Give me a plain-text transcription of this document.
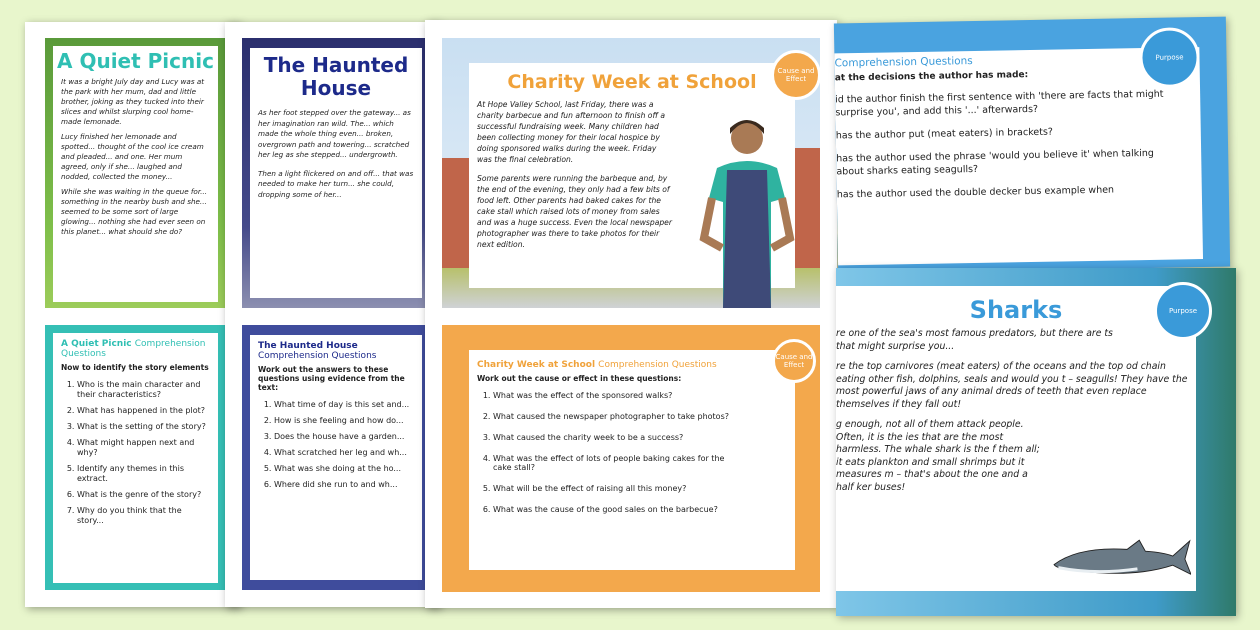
A Quiet Picnic

It was a bright July day and Lucy was at the park with her mum, dad and little brother, joking as they tucked into their slices and whilst slurping cool home-made lemonade.

Lucy finished her lemonade and spotted... thought of the cool ice cream and pleaded... and one. Her mum agreed, only if she... laughed and nodded, collected the money...

While she was waiting in the queue for... something in the nearby bush and she... seemed to be some sort of large glowing... nothing she had ever seen on this planet... what should she do?

A Quiet Picnic Comprehension Questions
Now to identify the story elements
1. Who is the main character and their characteristics?
2. What has happened in the plot?
3. What is the setting of the story?
4. What might happen next and why?
5. Identify any themes in this extract.
6. What is the genre of the story?
7. Why do you think that the story...
The Haunted House

As her foot stepped over the gateway... as her imagination ran wild. The... which made the whole thing even... broken, overgrown path and towering... scratched her leg as she stepped... undergrowth.

Then a light flickered on and off... that was needed to make her turn... she could, dropping some of her...

The Haunted House Comprehension Questions
Work out the answers to these questions using evidence from the text:
1. What time of day is this set and...
2. How is she feeling and how do...
3. Does the house have a garden...
4. What scratched her leg and wh...
5. What was she doing at the ho...
6. Where did she run to and wh...
Charity Week at School

At Hope Valley School, last Friday, there was a charity barbecue and fun afternoon to finish off a successful fundraising week. Many children had been collecting money for their local hospice by doing sponsored walks during the week. Friday was the final celebration.

Some parents were running the barbeque and, by the end of the evening, they only had a few bits of food left. Other parents had baked cakes for the cake stall which raised lots of money from sales and was a huge success. Even the local newspaper photographer was there to take photos for their next edition.

Cause and Effect
Charity Week at School Comprehension Questions
Work out the cause or effect in these questions:
1. What was the effect of the sponsored walks?
2. What caused the newspaper photographer to take photos?
3. What caused the charity week to be a success?
4. What was the effect of lots of people baking cakes for the cake stall?
5. What will be the effect of raising all this money?
6. What was the cause of the good sales on the barbecue?
Cause and Effect
Comprehension Questions
at the decisions the author has made:

id the author finish the first sentence with 'there are facts that might surprise you', and add this '...' afterwards?

has the author put (meat eaters) in brackets?

has the author used the phrase 'would you believe it' when talking about sharks eating seagulls?

has the author used the double decker bus example when

Purpose
Sharks

re one of the sea's most famous predators, but there are ts that might surprise you...

re the top carnivores (meat eaters) of the oceans and the top od chain eating other fish, dolphins, seals and would you t – seagulls! They have the most powerful jaws of any animal dreds of teeth that even replace themselves if they fall out!

g enough, not all of them attack people. Often, it is the ies that are the most harmless. The whale shark is the f them all; it eats plankton and small shrimps but it measures m – that's about the one and a half ker buses!

Purpose
